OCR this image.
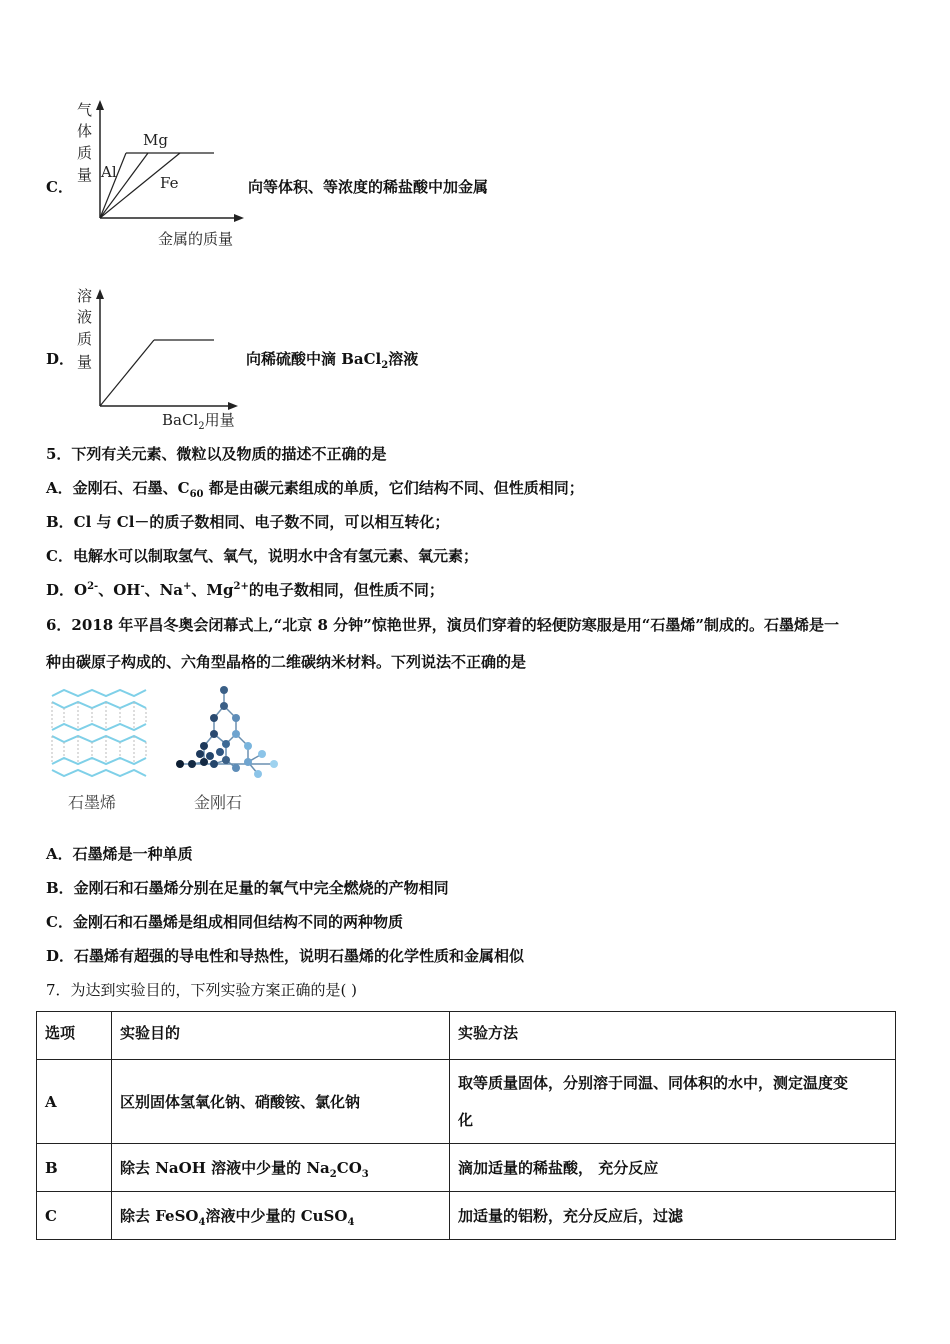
C．
气
体
质
量 Al
Mg
Fe
金属的质量
向等体积、等浓度的稀盐酸中加金属
D．
溶
液
质
量
BaCl$_2$用量
向稀硫酸中滴 BaCl$_2$溶液
5．下列有关元素、微粒以及物质的描述不正确的是
A．金刚石、石墨、$C_{60}$ 都是由碳元素组成的单质，它们结构不同、但性质相同；
B．Cl 与 Cl－的质子数相同、电子数不同，可以相互转化；
C．电解水可以制取氢气、氧气，说明水中含有氢元素、氧元素；
D．$O^{2-}$、OH-、Na+、$Mg^{2+}$的电子数相同，但性质不同；
6．2018 年平昌冬奥会闭幕式上,“北京 8 分钟”惊艳世界，演员们穿着的轻便防寒服是用“石墨烯”制成的。石墨烯是一
种由碳原子构成的、六角型晶格的二维碳纳米材料。下列说法不正确的是
石墨烯	金刚石
A．石墨烯是一种单质
B．金刚石和石墨烯分别在足量的氧气中完全燃烧的产物相同
C．金刚石和石墨烯是组成相同但结构不同的两种物质
D．石墨烯有超强的导电性和导热性，说明石墨烯的化学性质和金属相似
7．为达到实验目的，下列实验方案正确的是( )
选项	实验目的	实验方法
A	区别固体氢氧化钠、硝酸铵、氯化钠	取等质量固体，分别溶于同温、同体积的水中，测定温度变
化

B	除去 NaOH 溶液中少量的 $Na_2CO_3$	滴加适量的稀盐酸， 充分反应
C	除去 FeSO$_4$溶液中少量的 CuSO$_4$	加适量的铝粉，充分反应后，过滤
